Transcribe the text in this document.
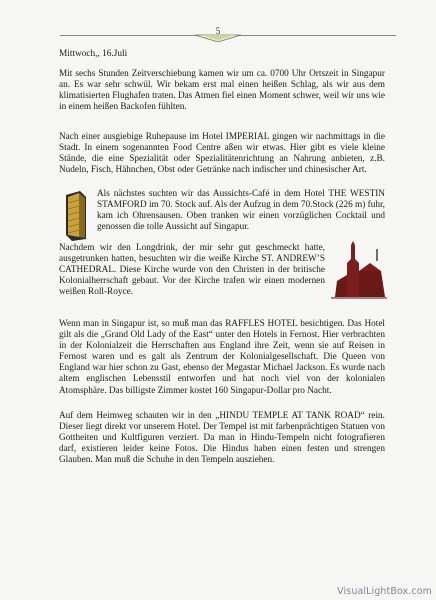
5
Mittwoch,, 16.Juli

Mit sechs Stunden Zeitverschiebung kamen wir um ca. 0700 Uhr Ortszeit in Singapur an. Es war sehr schwül. Wir bekam erst mal einen heißen Schlag, als wir aus dem klimatisierten Flughafen traten. Das Atmen fiel einen Moment schwer, weil wir uns wie in einem heißen Backofen fühlten.

Nach einer ausgiebige Ruhepause im Hotel IMPERIAL gingen wir nachmittags in die Stadt. In einem sogenannten Food Centre aßen wir etwas. Hier gibt es viele kleine Stände, die eine Spezialität oder Spezialitätenrichtung an Nahrung anbieten, z.B. Nudeln, Fisch, Hähnchen, Obst oder Getränke nach indischer und chinesischer Art.

Als nächstes suchten wir das Aussichts-Café in dem Hotel THE WESTIN STAMFORD im 70. Stock auf. Als der Aufzug in dem 70.Stock (226 m) fuhr, kam ich Ohrensausen. Oben tranken wir einen vorzüglichen Cocktail und genossen die tolle Aussicht auf Singapur.

Nachdem wir den Longdrink, der mir sehr gut geschmeckt hatte, ausgetrunken hatten, besuchten wir die weiße Kirche ST. ANDREW’S CATHEDRAL. Diese Kirche wurde von den Christen in der britische Kolonialherrschaft gebaut. Vor der Kirche trafen wir einen modernen weißen Roll-Royce.

Wenn man in Singapur ist, so muß man das RAFFLES HOTEL besichtigen. Das Hotel gilt als die „Grand Old Lady of the East“ unter den Hotels in Fernost. Hier verbrachten in der Kolonialzeit die Herrschaften aus England ihre Zeit, wenn sie auf Reisen in Fernost waren und es galt als Zentrum der Kolonialgesellschaft. Die Queen von England war hier schon zu Gast, ebenso der Megastar Michael Jackson. Es wurde nach altem englischen Lebensstil entworfen und hat noch viel von der kolonialen Atomsphäre. Das billigste Zimmer kostet 160 Singapur-Dollar pro Nacht.

Auf dem Heimweg schauten wir in den „HINDU TEMPLE AT TANK ROAD“ rein. Dieser liegt direkt vor unserem Hotel. Der Tempel ist mit farbenprächtigen Statuen von Gottheiten und Kultfiguren verziert. Da man in Hindu-Tempeln nicht fotografieren darf, existieren leider keine Fotos. Die Hindus haben einen festen und strengen Glauben. Man muß die Schuhe in den Tempeln ausziehen.

VisualLightBox.com
